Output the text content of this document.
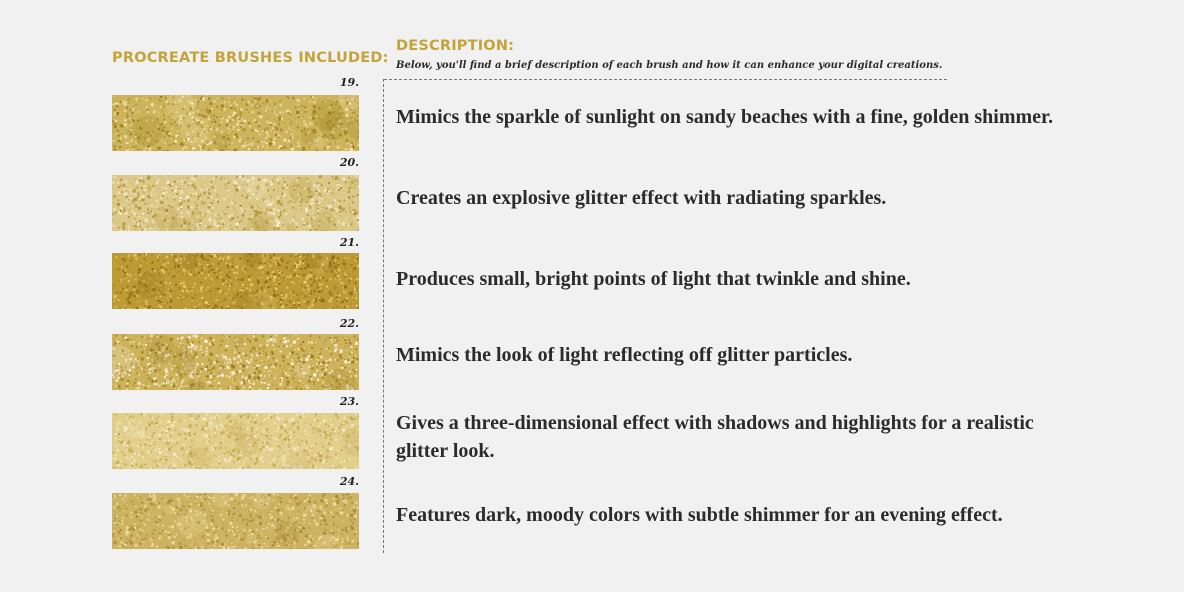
PROCREATE BRUSHES INCLUDED:
DESCRIPTION:
Below, you'll find a brief description of each brush and how it can enhance your digital creations.
19.
Mimics the sparkle of sunlight on sandy beaches with a fine, golden shimmer.
20.
Creates an explosive glitter effect with radiating sparkles.
21.
Produces small, bright points of light that twinkle and shine.
22.
Mimics the look of light reflecting off glitter particles.
23.
Gives a three-dimensional effect with shadows and highlights for a realistic glitter look.
24.
Features dark, moody colors with subtle shimmer for an evening effect.
